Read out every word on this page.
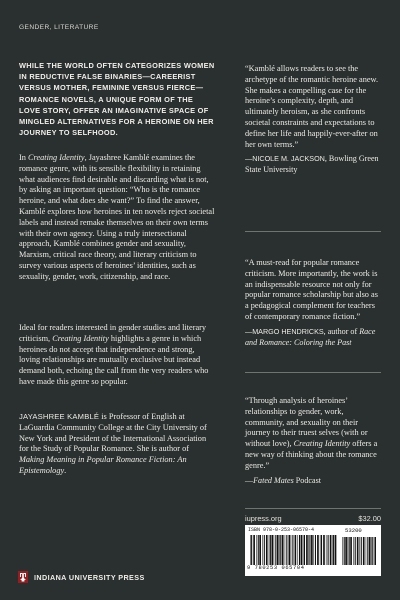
GENDER, LITERATURE
WHILE THE WORLD OFTEN CATEGORIZES WOMEN IN REDUCTIVE FALSE BINARIES—CAREERIST VERSUS MOTHER, FEMININE VERSUS FIERCE—ROMANCE NOVELS, A UNIQUE FORM OF THE LOVE STORY, OFFER AN IMAGINATIVE SPACE OF MINGLED ALTERNATIVES FOR A HEROINE ON HER JOURNEY TO SELFHOOD.
In Creating Identity, Jayashree Kamblé examines the romance genre, with its sensible flexibility in retaining what audiences find desirable and discarding what is not, by asking an important question: “Who is the romance heroine, and what does she want?” To find the answer, Kamblé explores how heroines in ten novels reject societal labels and instead remake themselves on their own terms with their own agency. Using a truly intersectional approach, Kamblé combines gender and sexuality, Marxism, critical race theory, and literary criticism to survey various aspects of heroines’ identities, such as sexuality, gender, work, citizenship, and race.
Ideal for readers interested in gender studies and literary criticism, Creating Identity highlights a genre in which heroines do not accept that independence and strong, loving relationships are mutually exclusive but instead demand both, echoing the call from the very readers who have made this genre so popular.
JAYASHREE KAMBLÉ is Professor of English at LaGuardia Community College at the City University of New York and President of the International Association for the Study of Popular Romance. She is author of Making Meaning in Popular Romance Fiction: An Epistemology.
“Kamblé allows readers to see the archetype of the romantic heroine anew. She makes a compelling case for the heroine’s complexity, depth, and ultimately heroism, as she confronts societal constraints and expectations to define her life and happily-ever-after on her own terms.”
—NICOLE M. JACKSON, Bowling Green State University
“A must-read for popular romance criticism. More importantly, the work is an indispensable resource not only for popular romance scholarship but also as a pedagogical complement for teachers of contemporary romance fiction.”
—MARGO HENDRICKS, author of Race and Romance: Coloring the Past
“Through analysis of heroines’ relationships to gender, work, community, and sexuality on their journey to their truest selves (with or without love), Creating Identity offers a new way of thinking about the romance genre.”
—Fated Mates Podcast
iupress.org	$32.00
ISBN 978-0-253-06570-4	53200
9 780253 065704
INDIANA UNIVERSITY PRESS
